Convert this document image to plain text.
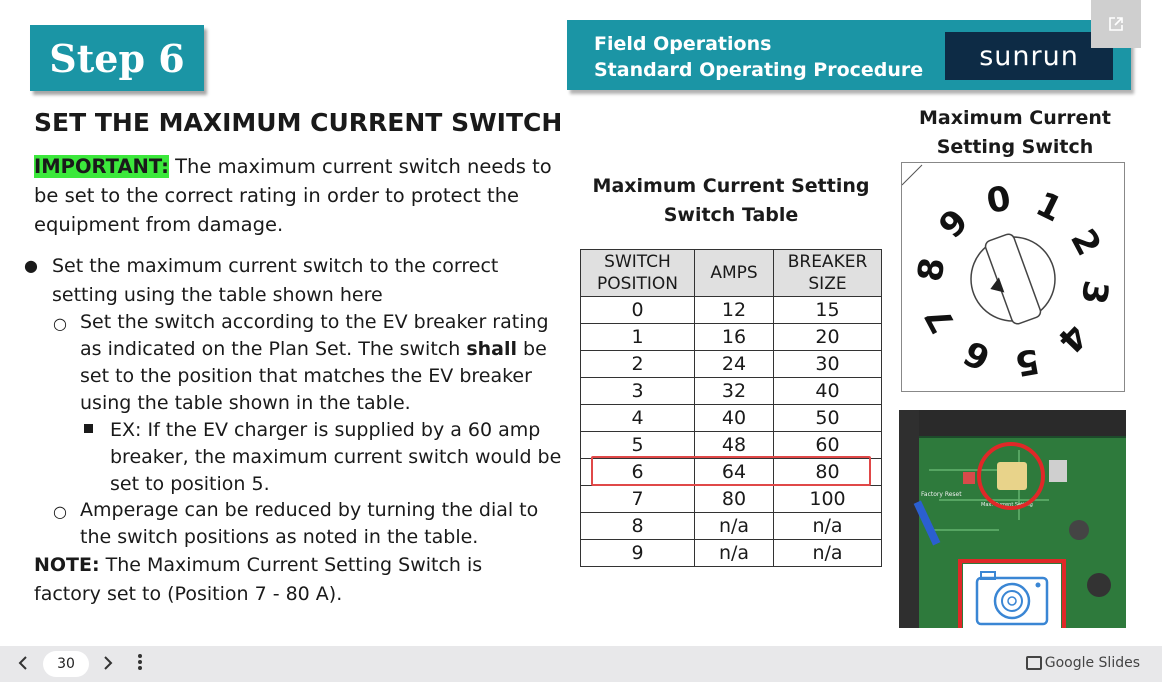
Step 6	Field Operations
Standard Operating Procedure sunrun
SET THE MAXIMUM CURRENT SWITCH
IMPORTANT: The maximum current switch needs to be set to the correct rating in order to protect the equipment from damage.
● Set the maximum current switch to the correct setting using the table shown here
○ Set the switch according to the EV breaker rating as indicated on the Plan Set. The switch shall be set to the position that matches the EV breaker using the table shown in the table.
EX: If the EV charger is supplied by a 60 amp breaker, the maximum current switch would be set to position 5.
○ Amperage can be reduced by turning the dial to the switch positions as noted in the table.
NOTE: The Maximum Current Setting Switch is factory set to (Position 7 - 80 A).
Maximum Current Setting Switch Table
SWITCH POSITION	AMPS	BREAKER SIZE
0	12	15
1	16	20
2	24	30
3	32	40
4	40	50
5	48	60
6	64	80
7	80	100
8	n/a	n/a
9	n/a	n/a
Maximum Current Setting Switch
0 1
2
3
4
5
6
7
8
9
Factory Reset
Max. Current Setting
30	Google Slides
